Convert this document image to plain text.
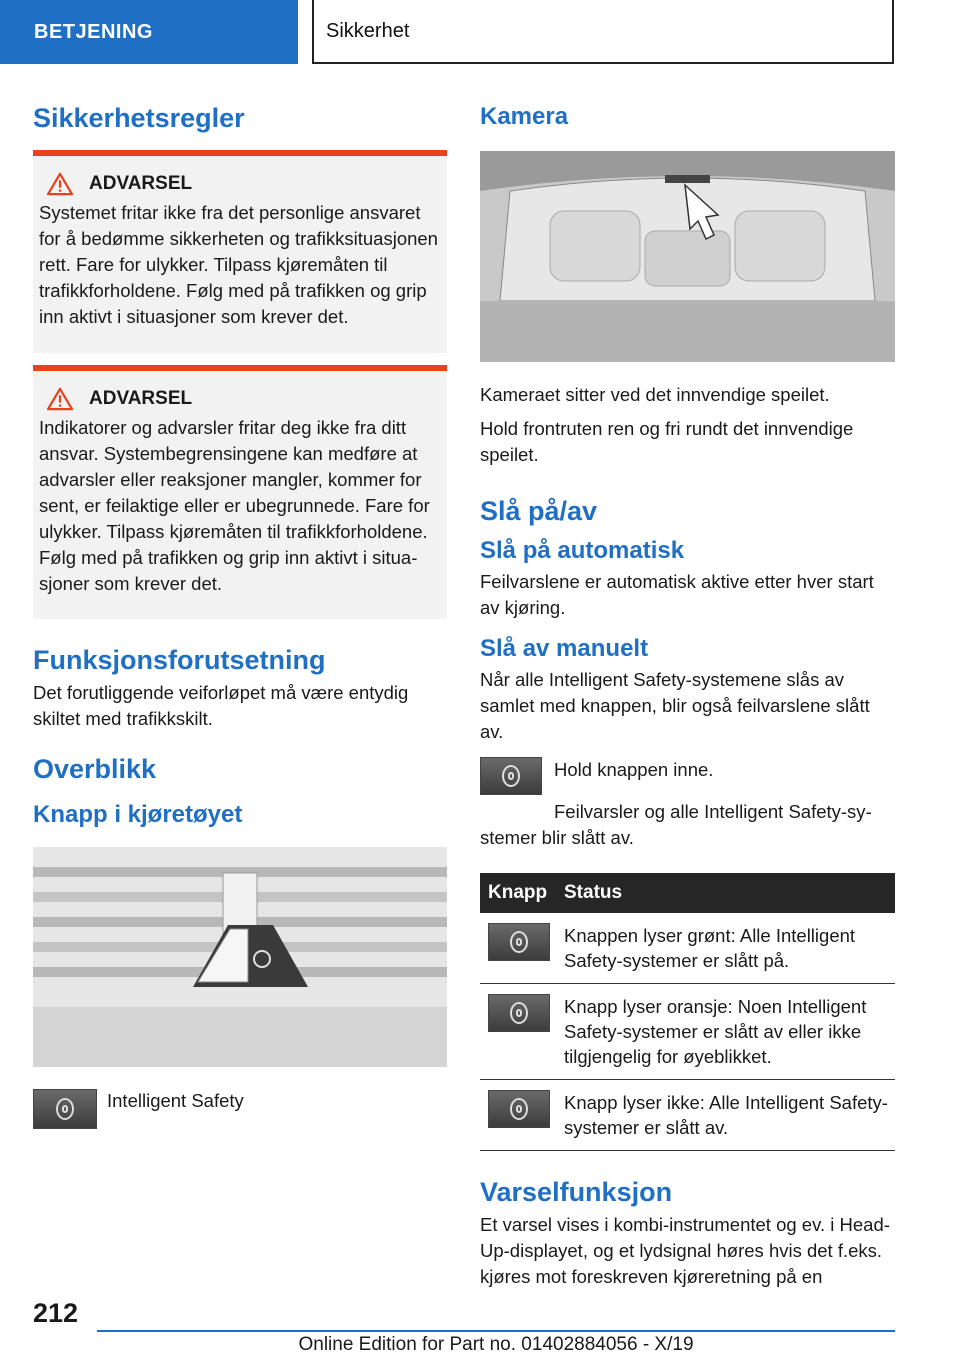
BETJENING	Sikkerhet
Sikkerhetsregler
ADVARSEL

Systemet fritar ikke fra det personlige ansvaret for å bedømme sikkerheten og trafikksituasjonen rett. Fare for ulykker. Tilpass kjøremåten til trafikkforholdene. Følg med på trafikken og grip inn aktivt i situasjoner som krever det.

ADVARSEL

Indikatorer og advarsler fritar deg ikke fra ditt ansvar. Systembegrensingene kan medføre at advarsler eller reaksjoner mangler, kommer for sent, er feilaktige eller er ubegrunnede. Fare for ulykker. Tilpass kjøremåten til trafikkforholdene. Følg med på trafikken og grip inn aktivt i situasjoner som krever det.

Funksjonsforutsetning

Det forutliggende veiforløpet må være entydig skiltet med trafikkskilt.

Overblikk
Knapp i kjøretøyet
Intelligent Safety
Kamera

Kameraet sitter ved det innvendige speilet.

Hold frontruten ren og fri rundt det innvendige speilet.

Slå på/av
Slå på automatisk

Feilvarslene er automatisk aktive etter hver start av kjøring.

Slå av manuelt

Når alle Intelligent Safety-systemene slås av samlet med knappen, blir også feilvarslene slått av.

Hold knappen inne.

Feilvarsler og alle Intelligent Safety-systemer blir slått av.

Knapp	Status

	Knappen lyser grønt: Alle Intelligent Safety-systemer er slått på.

	Knapp lyser oransje: Noen Intelligent Safety-systemer er slått av eller ikke tilgjengelig for øyeblikket.

	Knapp lyser ikke: Alle Intelligent Safety-systemer er slått av.
Varselfunksjon

Et varsel vises i kombi-instrumentet og ev. i Head-Up-displayet, og et lydsignal høres hvis det f.eks. kjøres mot foreskreven kjøreretning på en

212
Online Edition for Part no. 01402884056 - X/19
